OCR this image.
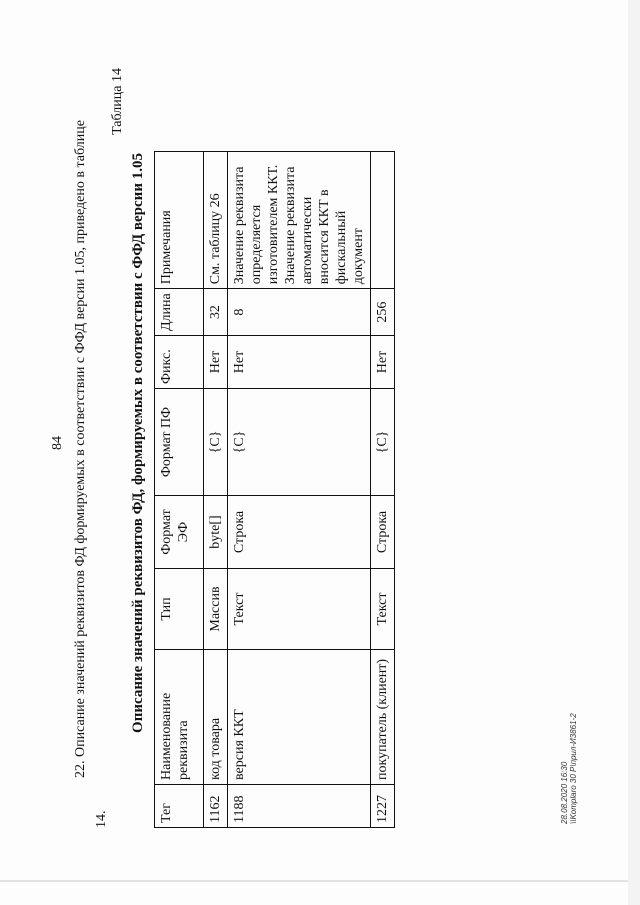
84
14.
22. Описание значений реквизитов ФД формируемых в соответствии с ФФД версии 1.05, приведено в таблице
Таблица 14
Описание значений реквизитов ФД, формируемых в соответствии с ФФД версии 1.05
Тег	Наименование реквизита	Тип	Формат ЭФ	Формат ПФ	Фикс.	Длина	Примечания
1162	код товара	Массив	byte[]	{C}	Нет	32	См. таблицу 26
1188	версия ККТ	Текст	Строка	{C}	Нет	8	Значение реквизита определяется изготовителем ККТ. Значение реквизита автоматически вносится ККТ в фискальный документ
1227	покупатель (клиент)	Текст	Строка	{C}	Нет	256	
28.08.2020 16:30 \\Komplaro 30 P\прил-И3861-2
